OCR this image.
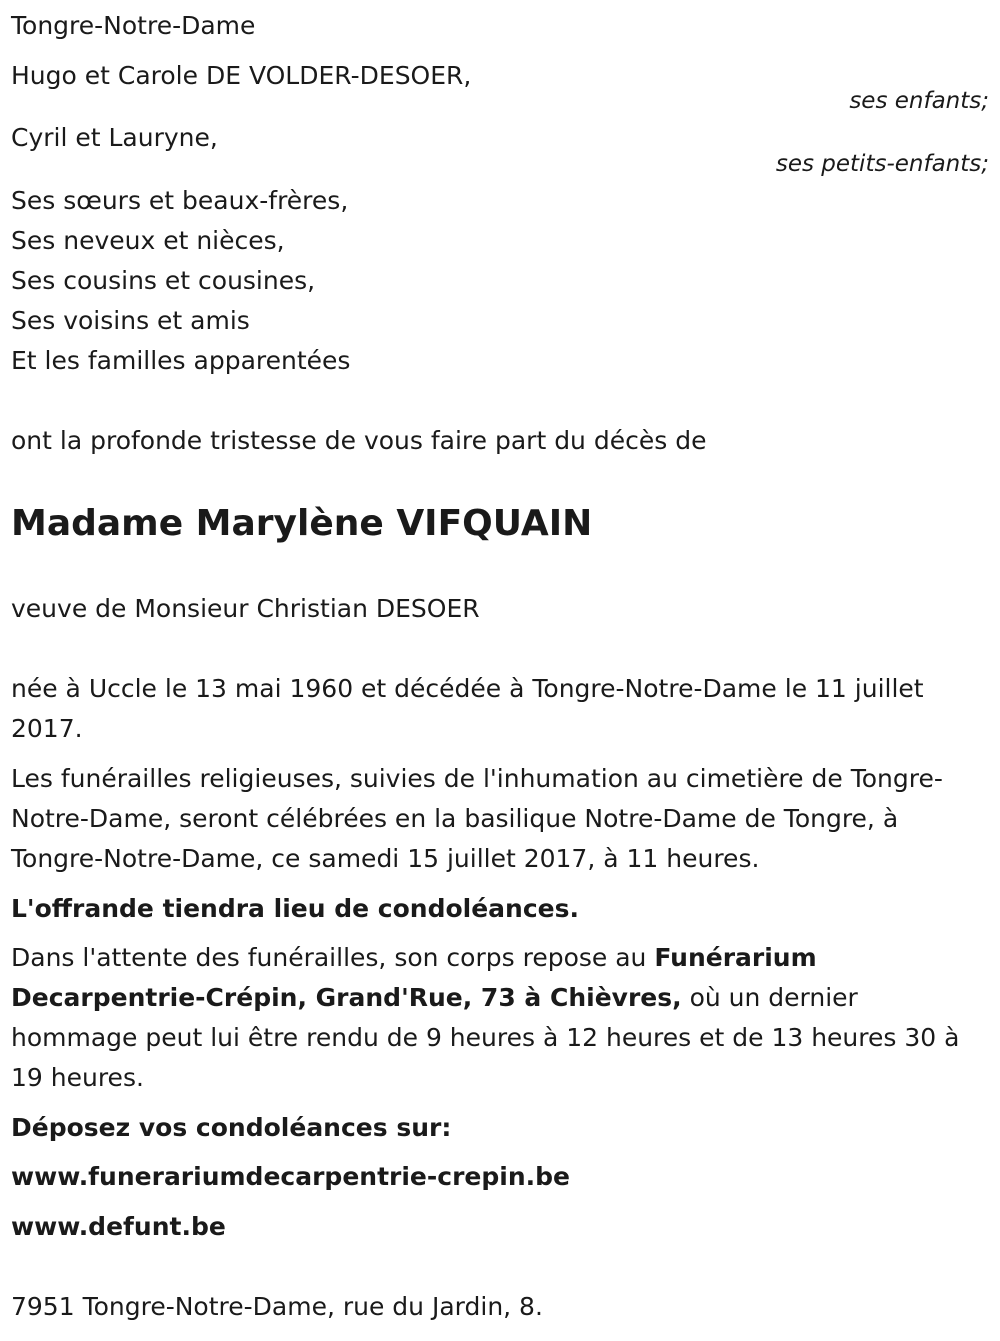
Tongre-Notre-Dame
Hugo et Carole DE VOLDER-DESOER,
ses enfants;
Cyril et Lauryne,
ses petits-enfants;
Ses sœurs et beaux-frères,
Ses neveux et nièces,
Ses cousins et cousines,
Ses voisins et amis
Et les familles apparentées
ont la profonde tristesse de vous faire part du décès de
Madame Marylène VIFQUAIN
veuve de Monsieur Christian DESOER
née à Uccle le 13 mai 1960 et décédée à Tongre-Notre-Dame le 11 juillet 2017.
Les funérailles religieuses, suivies de l'inhumation au cimetière de Tongre-Notre-Dame, seront célébrées en la basilique Notre-Dame de Tongre, à Tongre-Notre-Dame, ce samedi 15 juillet 2017, à 11 heures.
L'offrande tiendra lieu de condoléances.
Dans l'attente des funérailles, son corps repose au Funérarium Decarpentrie-Crépin, Grand'Rue, 73 à Chièvres, où un dernier hommage peut lui être rendu de 9 heures à 12 heures et de 13 heures 30 à 19 heures.
Déposez vos condoléances sur:
www.funerariumdecarpentrie-crepin.be
www.defunt.be
7951 Tongre-Notre-Dame, rue du Jardin, 8.
